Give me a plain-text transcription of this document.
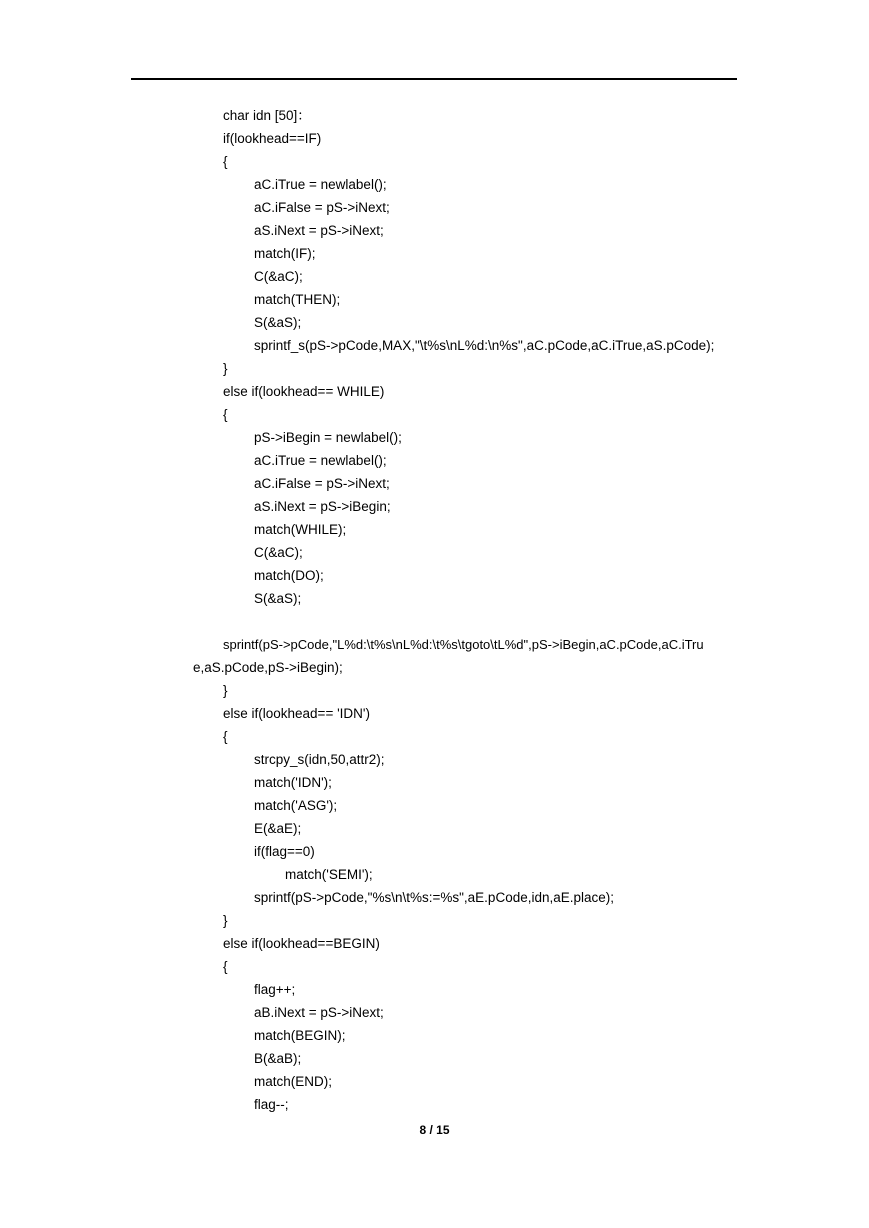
char idn [50]：
if(lookhead==IF)
{
aC.iTrue = newlabel();
aC.iFalse = pS->iNext;
aS.iNext = pS->iNext;
match(IF);
C(&aC);
match(THEN);
S(&aS);
sprintf_s(pS->pCode,MAX,"\t%s\nL%d:\n%s",aC.pCode,aC.iTrue,aS.pCode);
}
else if(lookhead== WHILE)
{
pS->iBegin = newlabel();
aC.iTrue = newlabel();
aC.iFalse = pS->iNext;
aS.iNext = pS->iBegin;
match(WHILE);
C(&aC);
match(DO);
S(&aS);
sprintf(pS->pCode,"L%d:\t%s\nL%d:\t%s\tgoto\tL%d",pS->iBegin,aC.pCode,aC.iTru
e,aS.pCode,pS->iBegin);
}
else if(lookhead== 'IDN')
{
strcpy_s(idn,50,attr2);
match('IDN');
match('ASG');
E(&aE);
if(flag==0)
match('SEMI');
sprintf(pS->pCode,"%s\n\t%s:=%s",aE.pCode,idn,aE.place);
}
else if(lookhead==BEGIN)
{
flag++;
aB.iNext = pS->iNext;
match(BEGIN);
B(&aB);
match(END);
flag--;
8 / 15
